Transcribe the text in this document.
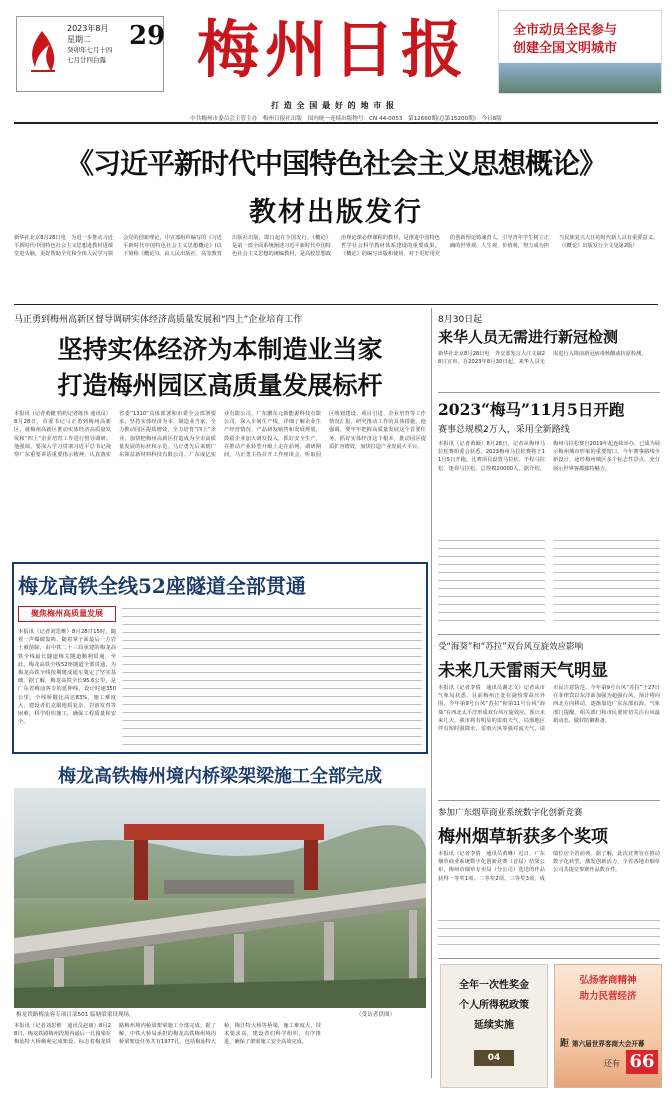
2023年8月
星期二
癸卯年七月十四
七月廿四白露
29 梅州日报
打 造 全 国 最 好 的 地 市 报
全市动员全民参与
创建全国文明城市
中共梅州市委员会主管主办　梅州日报社出版　国内统一连续出版物号：CN 44-0053　第12660期(总第15200期)　今日8版
《习近平新时代中国特色社会主义思想概论》
教材出版发行
新华社北京8月28日电　为进一步推动习近平新时代中国特色社会主义思想进教材进课堂进头脑，更好帮助全党和全体人民学习领会党的创新理论，中宣部组织编写的《习近平新时代中国特色社会主义思想概论》(以下简称《概论》)，由人民出版社、高等教育出版社出版，即日起在全国发行。《概论》是第一部全面系统阐述习近平新时代中国特色社会主义思想的统编教材，是高校思想政治理论课必修课程的教材，是推进中国特色哲学社会科学教材体系建设的重要成果。《概论》的编写出版和使用，对于更好用党的创新理论铸魂育人，引导青年学生树立正确的世界观、人生观、价值观，努力成为担当民族复兴大任的时代新人具有重要意义。（《概论》出版发行全文见第2版）
马正勇到梅州高新区督导调研实体经济高质量发展和“四上”企业培育工作
坚持实体经济为本制造业当家
打造梅州园区高质量发展标杆
本报讯（记者黄健 特约记者陈伟 通讯员）8月28日，市委书记马正勇到梅州高新区，就梅州高新区推动实体经济高质量发展和“四上”企业培育工作进行督导调研。他强调，要深入学习贯彻习近平总书记视察广东重要讲话重要指示精神，认真落实省委“1310”具体部署和市委全会部署要求，坚持实体经济为本、制造业当家，全力推动园区提质增效，全力培育“四上”企业，加快把梅州高新区打造成为全市高质量发展的标杆和示范。马正勇先后来到广东领益新材料科技有限公司、广东成亿实业有限公司、广东鹏东元新能源科技有限公司，深入车间生产线，详细了解企业生产经营情况、产品研发销售和发展规划，鼓励企业加大研发投入，抓好安全生产，在推动产业转型升级上走在前列。调研期间，马正勇主持召开工作座谈会，听取园区规划建设、项目引进、企业培育等工作情况汇报，研究推动工作的具体措施。他强调，要牢牢把握高质量发展这个首要任务，抓好实体经济这个根本，推动园区提质扩容增效，加快打造产业发展大平台。
8月30日起
来华人员无需进行新冠检测
新华社北京8月28日电　外交部发言人汪文斌28日宣布，自2023年8月30日起，来华人员无需进行入境前新冠病毒核酸或抗原检测。
2023“梅马”11月5日开跑
赛事总规模2万人，采用全新路线
本报讯（记者黄颖）8月28日，记者从梅州马拉松赛组委会获悉，2023梅州马拉松赛将于11月5日开跑。比赛项目设置马拉松、半程马拉松、迷你马拉松，总规模20000人。据介绍，梅州马拉松赛自2019年起连续举办，已成为展示梅州城市形象的重要窗口。今年赛事路线全新设计，途经梅州城区多个标志性景点，充分展示世界客都独特魅力。
梅龙高铁全线52座隧道全部贯通
聚焦梅州高质量发展
本报讯（记者刘思维）8月28日15时，随着一声爆破轰鸣，随着掌子面最后一方岩土被凿除，由中铁二十三局承建的梅龙高铁全线最长隧道梅关隧道顺利贯通，至此，梅龙高铁全线52座隧道全部贯通，为梅龙高铁全线按期建成通车奠定了坚实基础。据了解，梅龙高铁全长95.6公里，是广东省梅汕客专的延伸线，设计时速350公里。全线桥隧比高达83%，施工难度大，建设者们克服地质复杂、岩溶发育等困难，科学组织施工，确保工程质量和安全。
梅龙高铁梅州境内桥梁架梁施工全部完成
梅龙铁路梅汕客专项目部501 临塘梁架设现场。	（受访者供图）
本报讯（记者刘思维　通讯员赵丽）8月28日，梅龙铁路梅州段境内最后一孔箱梁在梅汕特大桥顺利完成架设，标志着梅龙铁路梅州境内桥梁架梁施工全部完成。据了解，中铁大桥局承担的梅龙高铁梅州境内桥梁架设任务共有1977孔，包括梅汕特大桥、梅江特大桥等桥梁，施工难度大，技术要求高，建设者们科学组织，有序推进，确保了架梁施工安全高效完成。
受“海葵”和“苏拉”双台风互旋效应影响
未来几天雷雨天气明显
本报讯（记者李倩　通讯员谢志文）记者从市气象局获悉，目前梅州正处在副热带高压外围，今年第9号台风“苏拉”和第11号台风“海葵”在西北太平洋形成双台风互旋效应。预计未来几天，我市将有明显的雷雨天气，局部地区伴有短时强降水、雷雨大风等强对流天气，请市民注意防范。今年第9号台风“苏拉”于27日在菲律宾以东洋面加强为超强台风，预计将向西北方向移动，逐渐靠近广东东部沿海。气象部门提醒，相关部门和市民要密切关注台风最新动态，做好防御准备。
参加广东烟草商业系统数字化创新竞赛
梅州烟草斩获多个奖项
本报讯（记者李倩　通讯员黄琳）近日，广东烟草商业系统数字化创新竞赛（首届）结果公布，梅州市烟草专卖局（分公司）选送的作品获得一等奖1项、二等奖2项、三等奖3项，成绩位居全省前列。据了解，此次竞赛旨在推动数字化转型，激发创新活力，全省各地市烟草公司共提交参赛作品数百件。
全年一次性奖金
个人所得税政策
延续实施
04
弘扬客商精神
助力民营经济
距 第六届世界客商大会开幕
还有 66
